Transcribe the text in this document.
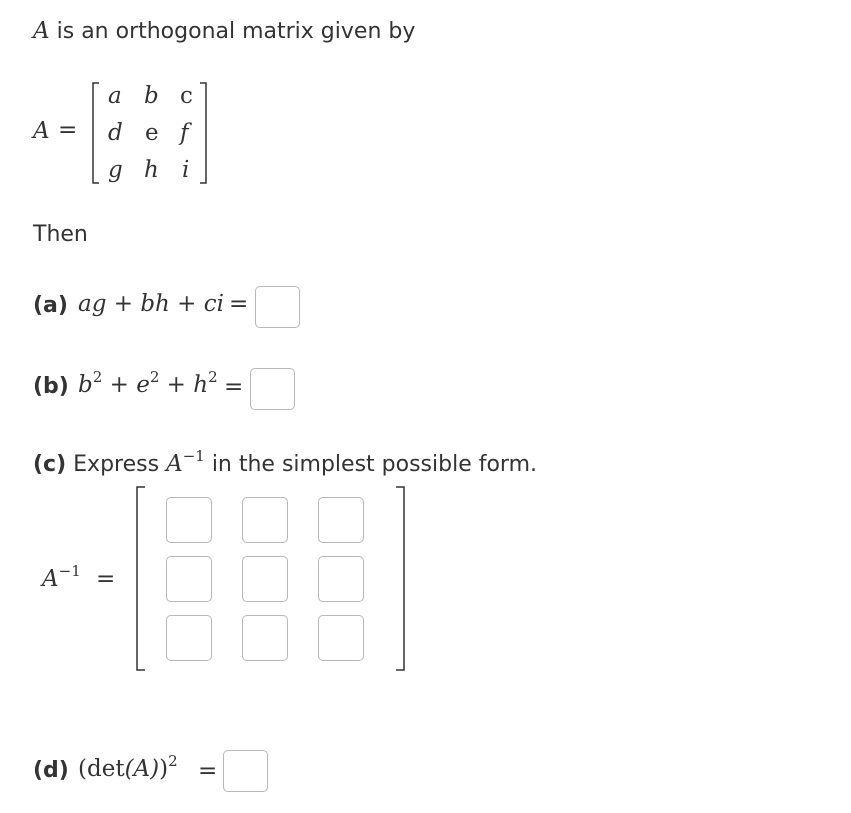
A is an orthogonal matrix given by
A =
a b c
d e f
g h i
Then
(a) ag + bh + ci =
(b) $b^2 + e^2 + h^2$ =
(c) Express $A^{-1}$ in the simplest possible form.
$A^{-1}$ =
(d) $(\det(A))^2$ =
